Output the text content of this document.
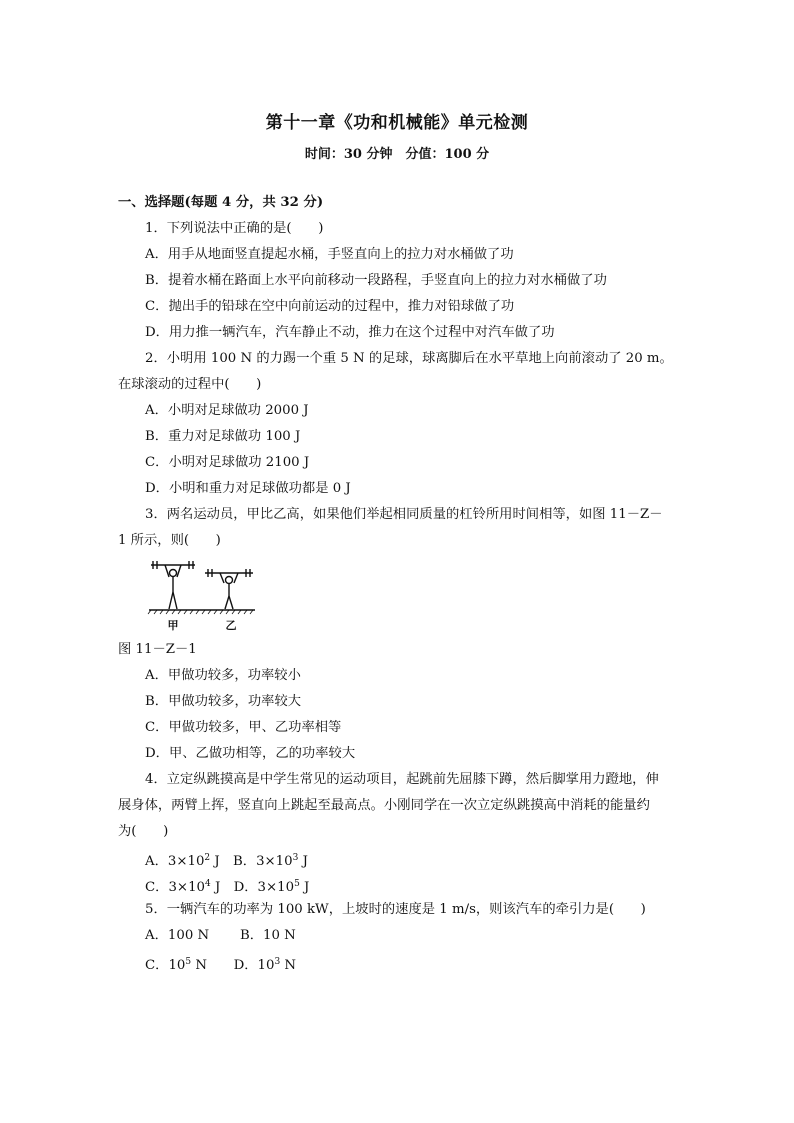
第十一章《功和机械能》单元检测
时间：30 分钟　分值：100 分
一、选择题(每题 4 分，共 32 分)
1．下列说法中正确的是(　　)
A．用手从地面竖直提起水桶，手竖直向上的拉力对水桶做了功
B．提着水桶在路面上水平向前移动一段路程，手竖直向上的拉力对水桶做了功
C．抛出手的铅球在空中向前运动的过程中，推力对铅球做了功
D．用力推一辆汽车，汽车静止不动，推力在这个过程中对汽车做了功
2．小明用 100 N 的力踢一个重 5 N 的足球，球离脚后在水平草地上向前滚动了 20 m。
在球滚动的过程中(　　)
A．小明对足球做功 2000 J
B．重力对足球做功 100 J
C．小明对足球做功 2100 J
D．小明和重力对足球做功都是 0 J
3．两名运动员，甲比乙高，如果他们举起相同质量的杠铃所用时间相等，如图 11－Z－
1 所示，则(　　)
甲	乙
图 11－Z－1
A．甲做功较多，功率较小
B．甲做功较多，功率较大
C．甲做功较多，甲、乙功率相等
D．甲、乙做功相等，乙的功率较大
4．立定纵跳摸高是中学生常见的运动项目，起跳前先屈膝下蹲，然后脚掌用力蹬地，伸
展身体，两臂上挥，竖直向上跳起至最高点。小刚同学在一次立定纵跳摸高中消耗的能量约
为(　　)
A．$3\times 10^2$ J　B．$3\times 10^3$ J
C．$3\times 10^4$ J　D．$3\times 10^5$ J
5．一辆汽车的功率为 100 kW，上坡时的速度是 1 m/s，则该汽车的牵引力是(　　)
A．100 N　　 B．10 N
C．$10^5$ N　　D．$10^3$ N
